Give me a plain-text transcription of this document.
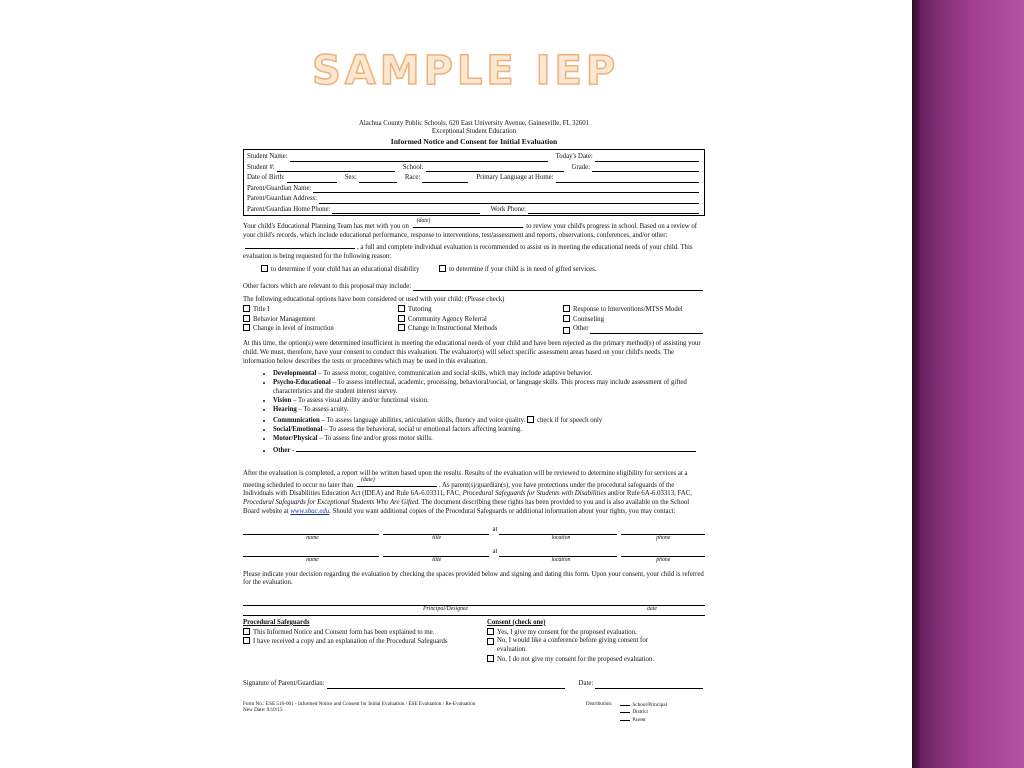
SAMPLE IEP
Alachua County Public Schools, 620 East University Avenue, Gainesville, FL 32601
Exceptional Student Education
Informed Notice and Consent for Initial Evaluation
Student Name:	Today's Date:
Student #:	School:	Grade:
Date of Birth:	Sex:	Race:	Primary Language at Home:
Parent/Guardian Name:
Parent/Guardian Address:
Parent/Guardian Home Phone:	Work Phone:

Your child's Educational Planning Team has met with you on
(date)
to review your child's progress in school. Based on a review of your child's records, which include educational performance, response to interventions, test/assessment and reports, observations, conferences, and/or other: , a full and complete individual evaluation is recommended to assist us in meeting the educational needs of your child. This evaluation is being requested for the following reason:

to determine if your child has an educational disability	to determine if your child is in need of gifted services.
Other factors which are relevant to this proposal may include:
The following educational options have been considered or used with your child: (Please check)
Title I	Tutoring	Response to Interventions/MTSS Model
Behavior Management	Community Agency Referral	Counseling
Change in level of instruction	Change in Instructional Methods	Other

At this time, the option(s) were determined insufficient in meeting the educational needs of your child and have been rejected as the primary method(s) of assisting your child. We must, therefore, have your consent to conduct this evaluation. The evaluator(s) will select specific assessment areas based on your child's needs. The information below describes the tests or procedures which may be used in this evaluation.

• Developmental – To assess motor, cognitive, communication and social skills, which may include adaptive behavior.
• Psycho-Educational – To assess intellectual, academic, processing, behavioral/social, or language skills. This process may include assessment of gifted characteristics and the student interest survey.
• Vision – To assess visual ability and/or functional vision.
• Hearing – To assess acuity.
• Communication – To assess language abilities, articulation skills, fluency and voice quality. check if for speech only
• Social/Emotional – To assess the behavioral, social or emotional factors affecting learning.
• Motor/Physical – To assess fine and/or gross motor skills.
• Other -

After the evaluation is completed, a report will be written based upon the results. Results of the evaluation will be reviewed to determine eligibility for services at a meeting scheduled to occur no later than
(date)
. As parent(s)/guardian(s), you have protections under the procedural safeguards of the Individuals with Disabilities Education Act (IDEA) and Rule 6A-6.03311, FAC, Procedural Safeguards for Students with Disabilities and/or Rule 6A-6.03313, FAC, Procedural Safeguards for Exceptional Students Who Are Gifted. The document describing these rights has been provided to you and is also available on the School Board website at www.sbac.edu. Should you want additional copies of the Procedural Safeguards or additional information about your rights, you may contact:

at
name	title	location	phone
at
name	title	location	phone

Please indicate your decision regarding the evaluation by checking the spaces provided below and signing and dating this form. Upon your consent, your child is referred for the evaluation.

Principal/Designee	date
Procedural Safeguards
This Informed Notice and Consent form has been explained to me.
I have received a copy and an explanation of the Procedural Safeguards
Consent (check one)
Yes, I give my consent for the proposed evaluation.
No, I would like a conference before giving consent for evaluation.
No, I do not give my consent for the proposed evaluation.
Signature of Parent/Guardian:	Date:
Form No.: ESE 516-001 - Informed Notice and Consent for Initial Evaluation / ESE Evaluation / Re-Evaluation
New Date: 9/10/15
Distribution:	School/Principal
District
Parent
